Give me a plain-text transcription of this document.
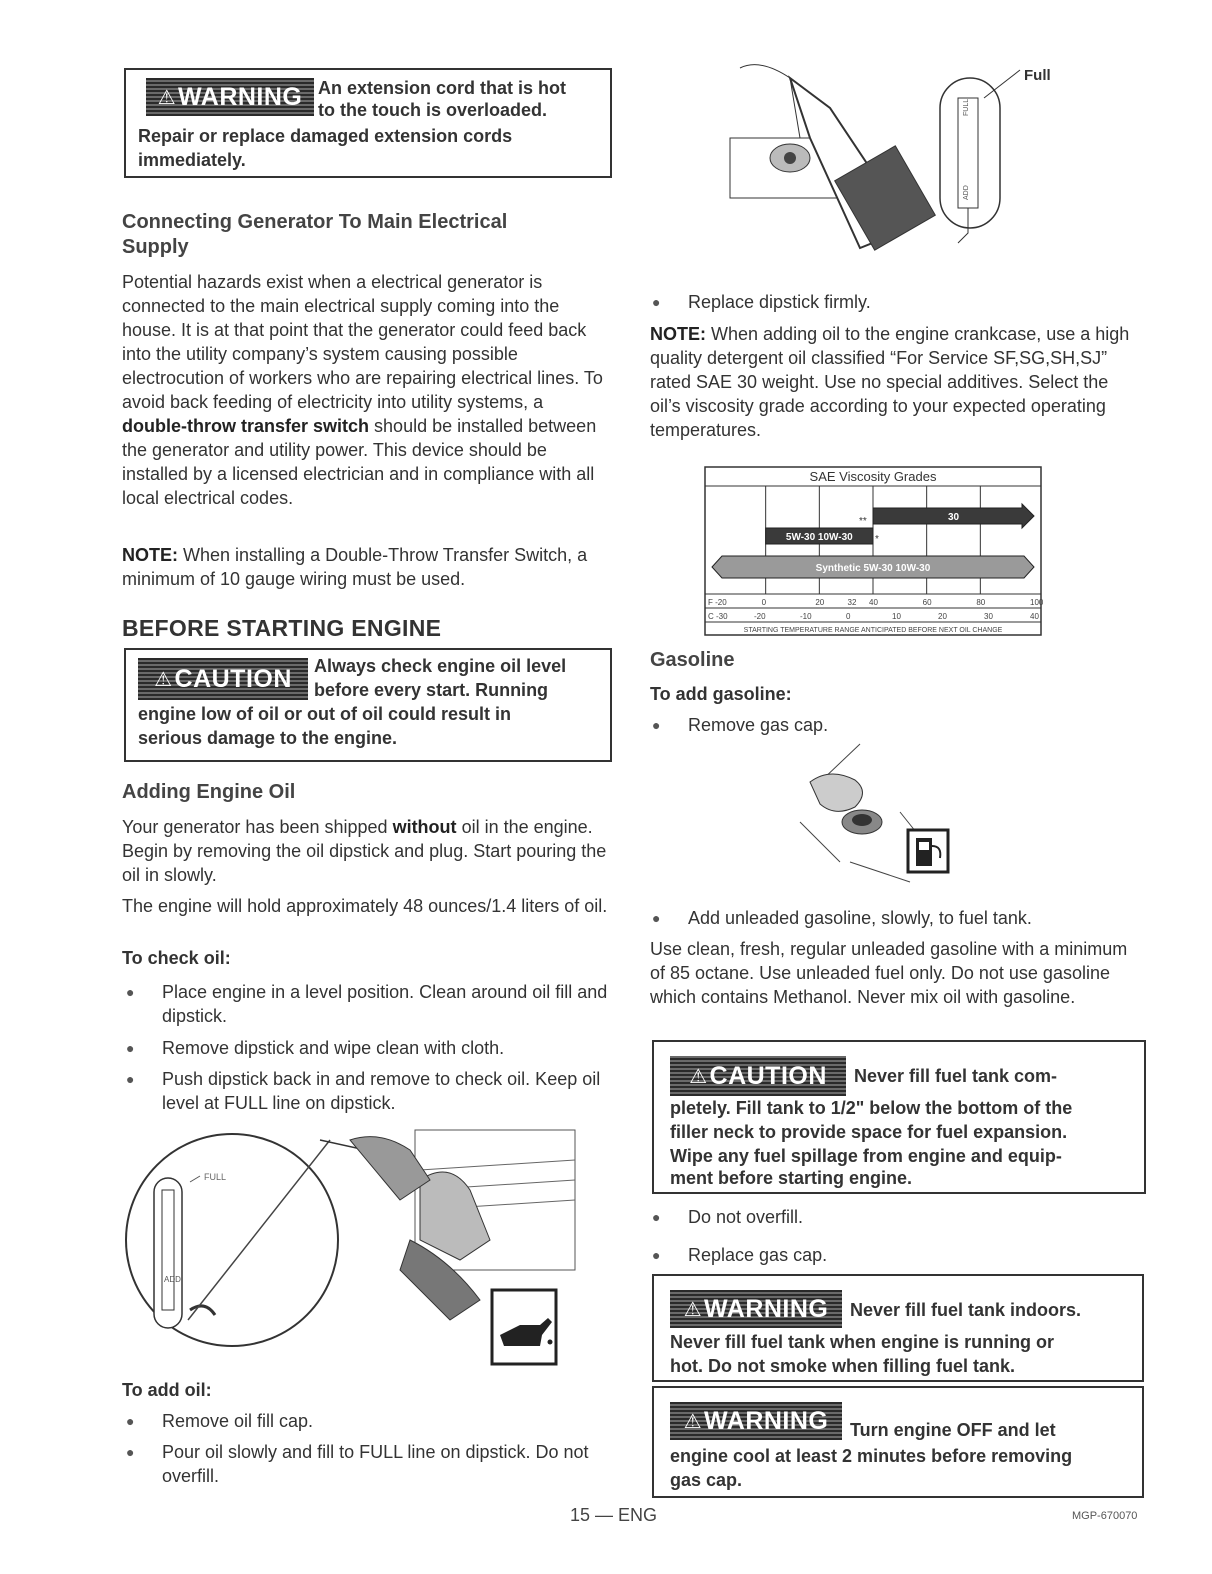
⚠ WARNING An extension cord that is hot
to the touch is overloaded.
Repair or replace damaged extension cords
immediately.
Connecting Generator To Main Electrical
Supply

Potential hazards exist when a electrical generator is connected to the main electrical supply coming into the house. It is at that point that the generator could feed back into the utility company’s system causing possible electrocution of workers who are repairing electrical lines. To avoid back feeding of electricity into utility systems, a double-throw transfer switch should be installed between the generator and utility power. This device should be installed by a licensed electrician and in compliance with all local electrical codes.

NOTE: When installing a Double-Throw Transfer Switch, a minimum of 10 gauge wiring must be used.

BEFORE STARTING ENGINE
⚠ CAUTION Always check engine oil level
before every start. Running
engine low of oil or out of oil could result in
serious damage to the engine.
Adding Engine Oil

Your generator has been shipped without oil in the engine. Begin by removing the oil dipstick and plug. Start pouring the oil in slowly.

The engine will hold approximately 48 ounces/1.4 liters of oil.

To check oil:
● Place engine in a level position. Clean around oil fill and dipstick.
● Remove dipstick and wipe clean with cloth.
● Push dipstick back in and remove to check oil. Keep oil level at FULL line on dipstick.
FULL
ADD
To add oil:
● Remove oil fill cap.
● Pour oil slowly and fill to FULL line on dipstick. Do not overfill.
FULL
ADD
Full
● Replace dipstick firmly.

NOTE: When adding oil to the engine crankcase, use a high quality detergent oil classified “For Service SF,SG,SH,SJ” rated SAE 30 weight. Use no special additives. Select the oil’s viscosity grade according to your expected operating temperatures.

SAE Viscosity Grades
30
5W-30 10W-30
Synthetic 5W-30 10W-30
**
*
F -20	0	20	32 40	60	80	100
C -30	-20	-10	0	10	20	30	40
STARTING TEMPERATURE RANGE ANTICIPATED BEFORE NEXT OIL CHANGE
Gasoline
To add gasoline:
● Remove gas cap.
● Add unleaded gasoline, slowly, to fuel tank.

Use clean, fresh, regular unleaded gasoline with a minimum of 85 octane. Use unleaded fuel only. Do not use gasoline which contains Methanol. Never mix oil with gasoline.

⚠ CAUTION Never fill fuel tank com-
pletely. Fill tank to 1/2" below the bottom of the
filler neck to provide space for fuel expansion.
Wipe any fuel spillage from engine and equip-
ment before starting engine.
● Do not overfill.
● Replace gas cap.
⚠ WARNING Never fill fuel tank indoors.
Never fill fuel tank when engine is running or
hot. Do not smoke when filling fuel tank.
⚠ WARNING Turn engine OFF and let
engine cool at least 2 minutes before removing
gas cap.
15 — ENG	MGP-670070
